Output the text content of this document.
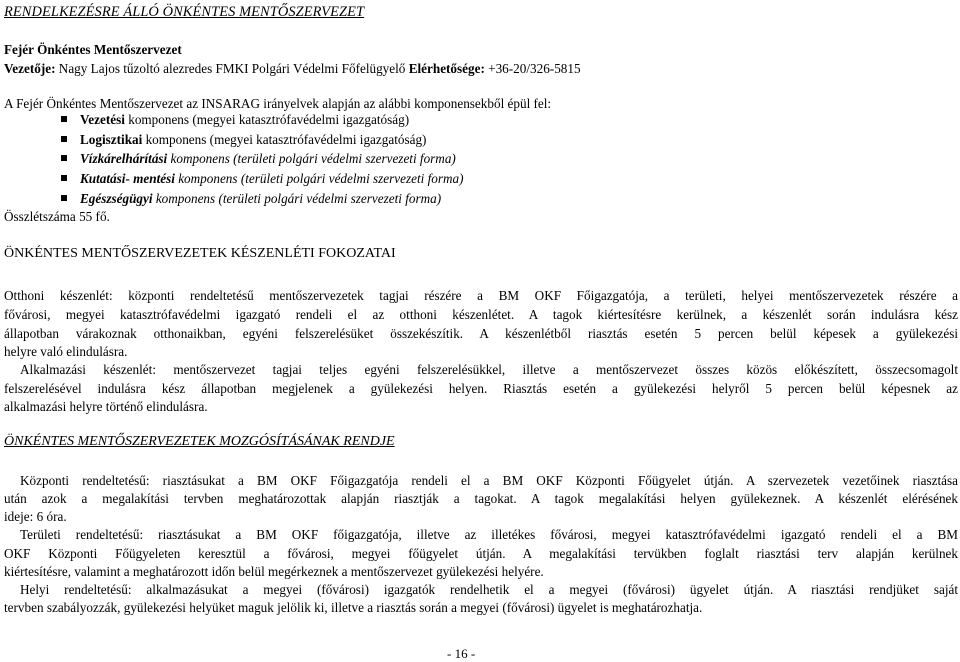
RENDELKEZÉSRE ÁLLÓ ÖNKÉNTES MENTŐSZERVEZET
Fejér Önkéntes Mentőszervezet
Vezetője: Nagy Lajos tűzoltó alezredes FMKI Polgári Védelmi Főfelügyelő Elérhetősége: +36-20/326-5815
A Fejér Önkéntes Mentőszervezet az INSARAG irányelvek alapján az alábbi komponensekből épül fel:
Vezetési komponens (megyei katasztrófavédelmi igazgatóság)
Logisztikai komponens (megyei katasztrófavédelmi igazgatóság)
Vízkárelhárítási komponens (területi polgári védelmi szervezeti forma)
Kutatási- mentési komponens (területi polgári védelmi szervezeti forma)
Egészségügyi komponens (területi polgári védelmi szervezeti forma)
Összlétszáma 55 fő.
ÖNKÉNTES MENTŐSZERVEZETEK KÉSZENLÉTI FOKOZATAI
Otthoni készenlét: központi rendeltetésű mentőszervezetek tagjai részére a BM OKF Főigazgatója, a területi, helyei mentőszervezetek részére a
fővárosi, megyei katasztrófavédelmi igazgató rendeli el az otthoni készenlétet. A tagok kiértesítésre kerülnek, a készenlét során indulásra kész
állapotban várakoznak otthonaikban, egyéni felszerelésüket összekészítik. A készenlétből riasztás esetén 5 percen belül képesek a gyülekezési
helyre való elindulásra.
Alkalmazási készenlét: mentőszervezet tagjai teljes egyéni felszerelésükkel, illetve a mentőszervezet összes közös előkészített, összecsomagolt
felszerelésével indulásra kész állapotban megjelenek a gyülekezési helyen. Riasztás esetén a gyülekezési helyről 5 percen belül képesnek az
alkalmazási helyre történő elindulásra.
ÖNKÉNTES MENTŐSZERVEZETEK MOZGÓSÍTÁSÁNAK RENDJE
Központi rendeltetésű: riasztásukat a BM OKF Főigazgatója rendeli el a BM OKF Központi Főügyelet útján. A szervezetek vezetőinek riasztása
után azok a megalakítási tervben meghatározottak alapján riasztják a tagokat. A tagok megalakítási helyen gyülekeznek. A készenlét elérésének
ideje: 6 óra.
Területi rendeltetésű: riasztásukat a BM OKF főigazgatója, illetve az illetékes fővárosi, megyei katasztrófavédelmi igazgató rendeli el a BM
OKF Központi Főügyeleten keresztül a fővárosi, megyei főügyelet útján. A megalakítási tervükben foglalt riasztási terv alapján kerülnek
kiértesítésre, valamint a meghatározott időn belül megérkeznek a mentőszervezet gyülekezési helyére.
Helyi rendeltetésű: alkalmazásukat a megyei (fővárosi) igazgatók rendelhetik el a megyei (fővárosi) ügyelet útján. A riasztási rendjüket saját
tervben szabályozzák, gyülekezési helyüket maguk jelölik ki, illetve a riasztás során a megyei (fővárosi) ügyelet is meghatározhatja.
- 16 -
